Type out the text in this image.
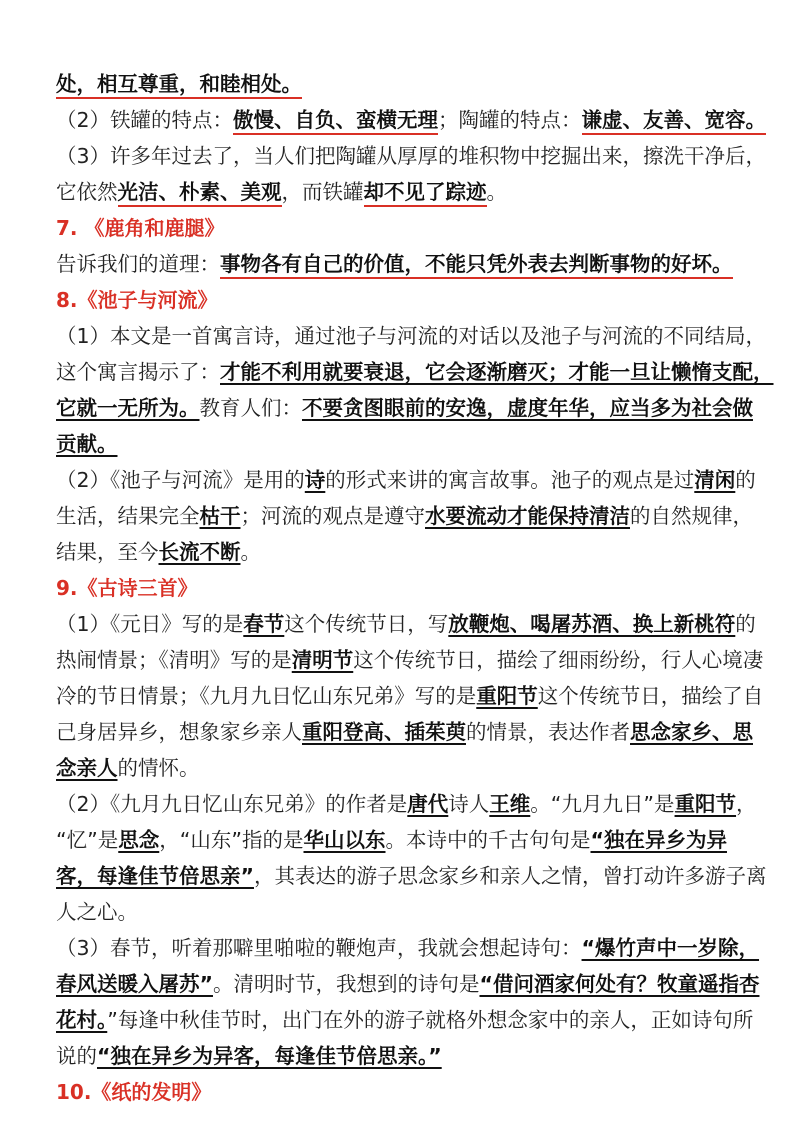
处，相互尊重，和睦相处。
（2）铁罐的特点：傲慢、自负、蛮横无理；陶罐的特点：谦虚、友善、宽容。
（3）许多年过去了，当人们把陶罐从厚厚的堆积物中挖掘出来，擦洗干净后，
它依然光洁、朴素、美观，而铁罐却不见了踪迹。
7. 《鹿角和鹿腿》
告诉我们的道理：事物各有自己的价值，不能只凭外表去判断事物的好坏。
8.《池子与河流》
（1）本文是一首寓言诗，通过池子与河流的对话以及池子与河流的不同结局，
这个寓言揭示了：才能不利用就要衰退，它会逐渐磨灭；才能一旦让懒惰支配，
它就一无所为。教育人们：不要贪图眼前的安逸，虚度年华，应当多为社会做
贡献。
（2）《池子与河流》是用的诗的形式来讲的寓言故事。池子的观点是过清闲的
生活，结果完全枯干；河流的观点是遵守水要流动才能保持清洁的自然规律，
结果，至今长流不断。
9.《古诗三首》
（1）《元日》写的是春节这个传统节日，写放鞭炮、喝屠苏酒、换上新桃符的
热闹情景；《清明》写的是清明节这个传统节日，描绘了细雨纷纷，行人心境凄
冷的节日情景；《九月九日忆山东兄弟》写的是重阳节这个传统节日，描绘了自
己身居异乡，想象家乡亲人重阳登高、插茱萸的情景，表达作者思念家乡、思
念亲人的情怀。
（2）《九月九日忆山东兄弟》的作者是唐代诗人王维。“九月九日”是重阳节，
“忆”是思念，“山东”指的是华山以东。本诗中的千古句句是“独在异乡为异
客，每逢佳节倍思亲”，其表达的游子思念家乡和亲人之情，曾打动许多游子离
人之心。
（3）春节，听着那噼里啪啦的鞭炮声，我就会想起诗句：“爆竹声中一岁除，
春风送暖入屠苏”。清明时节，我想到的诗句是“借问酒家何处有？牧童遥指杏
花村。”每逢中秋佳节时，出门在外的游子就格外想念家中的亲人，正如诗句所
说的“独在异乡为异客，每逢佳节倍思亲。”
10.《纸的发明》
